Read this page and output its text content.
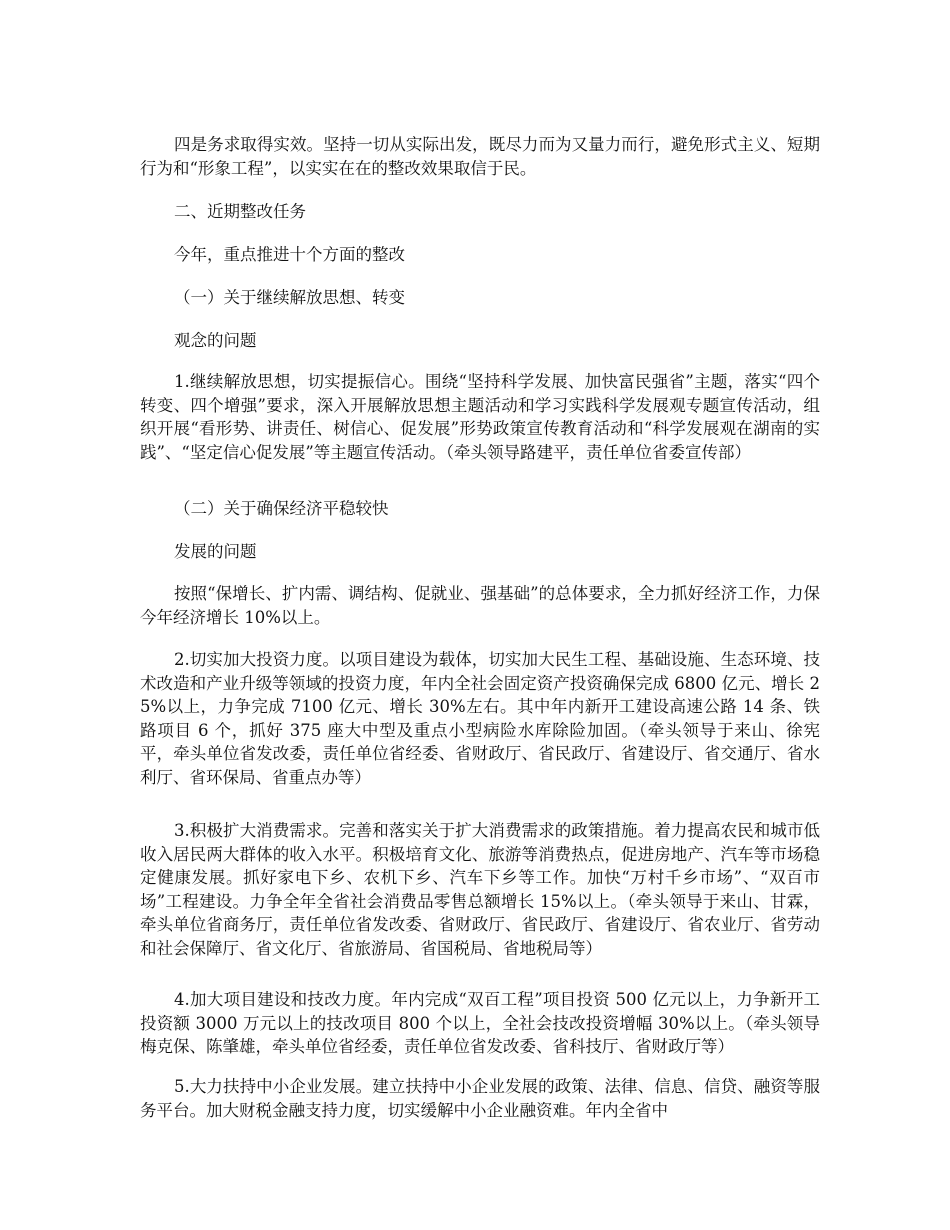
四是务求取得实效。坚持一切从实际出发，既尽力而为又量力而行，避免形式主义、短期行为和“形象工程”，以实实在在的整改效果取信于民。

二、近期整改任务

今年，重点推进十个方面的整改

（一）关于继续解放思想、转变

观念的问题

1.继续解放思想，切实提振信心。围绕“坚持科学发展、加快富民强省”主题，落实“四个转变、四个增强”要求，深入开展解放思想主题活动和学习实践科学发展观专题宣传活动，组织开展“看形势、讲责任、树信心、促发展”形势政策宣传教育活动和“科学发展观在湖南的实践”、“坚定信心促发展”等主题宣传活动。（牵头领导路建平，责任单位省委宣传部）

（二）关于确保经济平稳较快

发展的问题

按照“保增长、扩内需、调结构、促就业、强基础”的总体要求，全力抓好经济工作，力保今年经济增长 10%以上。

2.切实加大投资力度。以项目建设为载体，切实加大民生工程、基础设施、生态环境、技术改造和产业升级等领域的投资力度，年内全社会固定资产投资确保完成 6800 亿元、增长 25%以上，力争完成 7100 亿元、增长 30%左右。其中年内新开工建设高速公路 14 条、铁路项目 6 个，抓好 375 座大中型及重点小型病险水库除险加固。（牵头领导于来山、徐宪平，牵头单位省发改委，责任单位省经委、省财政厅、省民政厅、省建设厅、省交通厅、省水利厅、省环保局、省重点办等）

3.积极扩大消费需求。完善和落实关于扩大消费需求的政策措施。着力提高农民和城市低收入居民两大群体的收入水平。积极培育文化、旅游等消费热点，促进房地产、汽车等市场稳定健康发展。抓好家电下乡、农机下乡、汽车下乡等工作。加快“万村千乡市场”、“双百市场”工程建设。力争全年全省社会消费品零售总额增长 15%以上。（牵头领导于来山、甘霖，牵头单位省商务厅，责任单位省发改委、省财政厅、省民政厅、省建设厅、省农业厅、省劳动和社会保障厅、省文化厅、省旅游局、省国税局、省地税局等）

4.加大项目建设和技改力度。年内完成“双百工程”项目投资 500 亿元以上，力争新开工投资额 3000 万元以上的技改项目 800 个以上，全社会技改投资增幅 30%以上。（牵头领导梅克保、陈肇雄，牵头单位省经委，责任单位省发改委、省科技厅、省财政厅等）

5.大力扶持中小企业发展。建立扶持中小企业发展的政策、法律、信息、信贷、融资等服务平台。加大财税金融支持力度，切实缓解中小企业融资难。年内全省中
